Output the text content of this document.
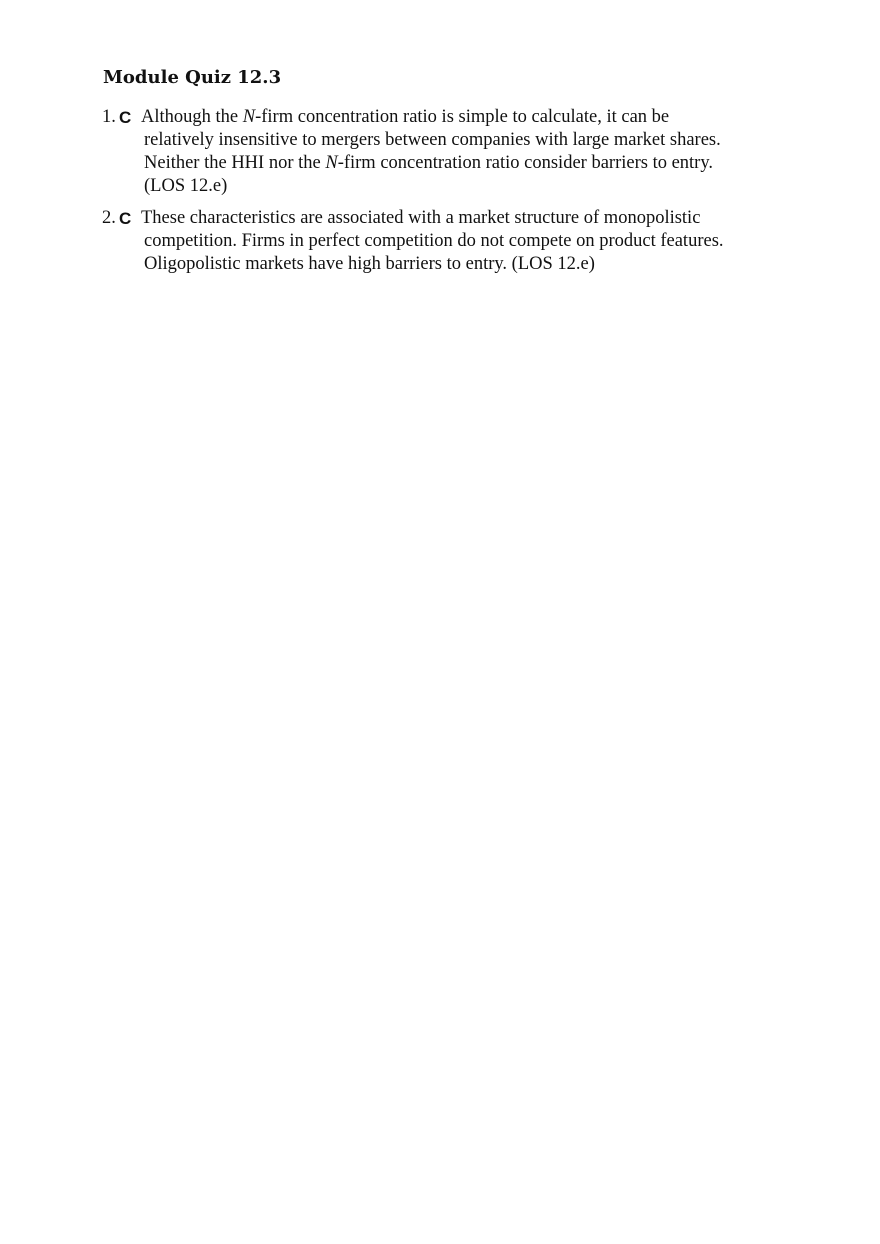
Module Quiz 12.3
1. C Although the N-firm concentration ratio is simple to calculate, it can be
relatively insensitive to mergers between companies with large market shares.
Neither the HHI nor the N-firm concentration ratio consider barriers to entry.
(LOS 12.e)
2. C These characteristics are associated with a market structure of monopolistic
competition. Firms in perfect competition do not compete on product features.
Oligopolistic markets have high barriers to entry. (LOS 12.e)
